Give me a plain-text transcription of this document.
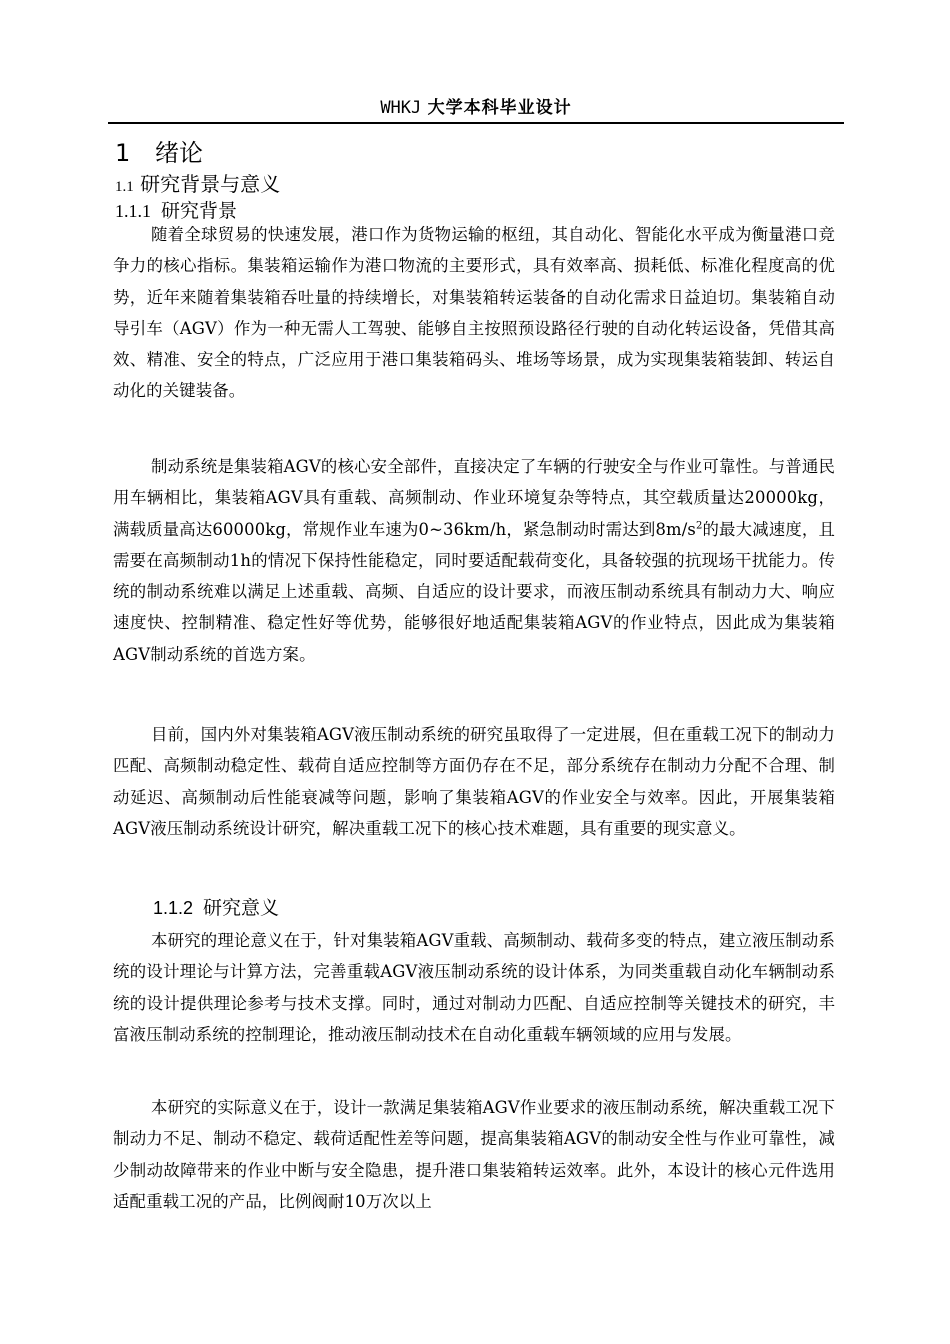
WHKJ 大学本科毕业设计
1 绪论
1.1 研究背景与意义
1.1.1 研究背景
随着全球贸易的快速发展，港口作为货物运输的枢纽，其自动化、智能化水平成为衡量港口竞争力的核心指标。集装箱运输作为港口物流的主要形式，具有效率高、损耗低、标准化程度高的优势，近年来随着集装箱吞吐量的持续增长，对集装箱转运装备的自动化需求日益迫切。集装箱自动导引车（AGV）作为一种无需人工驾驶、能够自主按照预设路径行驶的自动化转运设备，凭借其高效、精准、安全的特点，广泛应用于港口集装箱码头、堆场等场景，成为实现集装箱装卸、转运自动化的关键装备。
制动系统是集装箱AGV的核心安全部件，直接决定了车辆的行驶安全与作业可靠性。与普通民用车辆相比，集装箱AGV具有重载、高频制动、作业环境复杂等特点，其空载质量达20000kg，满载质量高达60000kg，常规作业车速为0~36km/h，紧急制动时需达到$8m/s^2$的最大减速度，且需要在高频制动1h的情况下保持性能稳定，同时要适配载荷变化，具备较强的抗现场干扰能力。传统的制动系统难以满足上述重载、高频、自适应的设计要求，而液压制动系统具有制动力大、响应速度快、控制精准、稳定性好等优势，能够很好地适配集装箱AGV的作业特点，因此成为集装箱AGV制动系统的首选方案。
目前，国内外对集装箱AGV液压制动系统的研究虽取得了一定进展，但在重载工况下的制动力匹配、高频制动稳定性、载荷自适应控制等方面仍存在不足，部分系统存在制动力分配不合理、制动延迟、高频制动后性能衰减等问题，影响了集装箱AGV的作业安全与效率。因此，开展集装箱AGV液压制动系统设计研究，解决重载工况下的核心技术难题，具有重要的现实意义。
1.1.2 研究意义
本研究的理论意义在于，针对集装箱AGV重载、高频制动、载荷多变的特点，建立液压制动系统的设计理论与计算方法，完善重载AGV液压制动系统的设计体系，为同类重载自动化车辆制动系统的设计提供理论参考与技术支撑。同时，通过对制动力匹配、自适应控制等关键技术的研究，丰富液压制动系统的控制理论，推动液压制动技术在自动化重载车辆领域的应用与发展。
本研究的实际意义在于，设计一款满足集装箱AGV作业要求的液压制动系统，解决重载工况下制动力不足、制动不稳定、载荷适配性差等问题，提高集装箱AGV的制动安全性与作业可靠性，减少制动故障带来的作业中断与安全隐患，提升港口集装箱转运效率。此外，本设计的核心元件选用适配重载工况的产品，比例阀耐10万次以上
